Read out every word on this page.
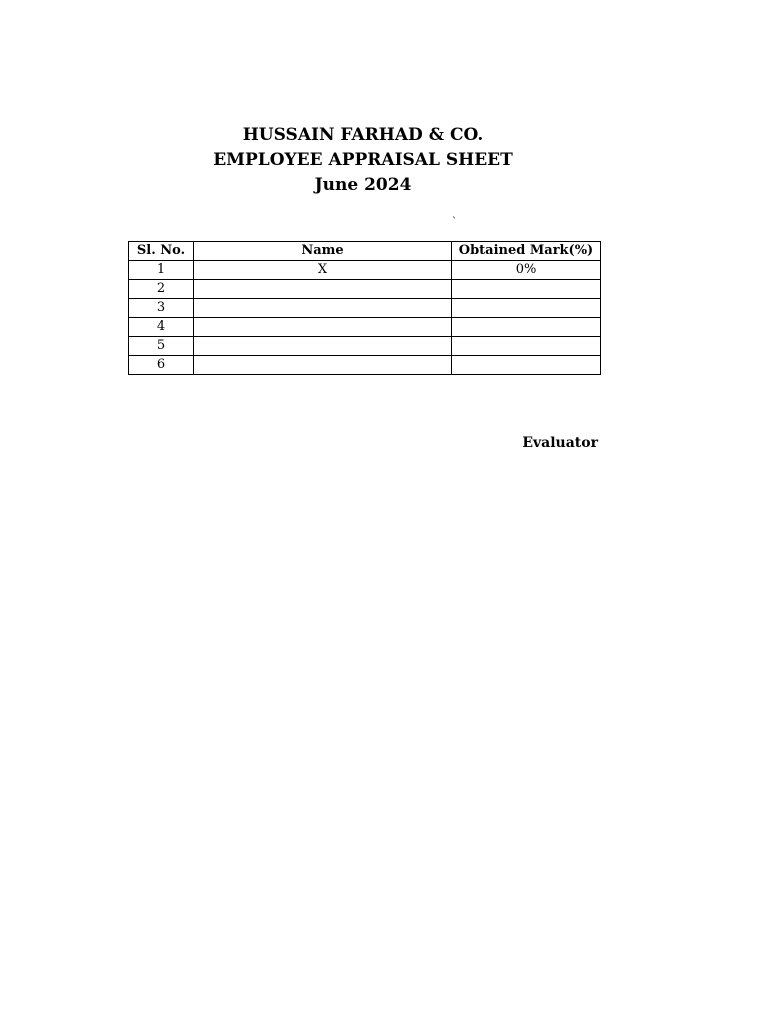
HUSSAIN FARHAD & CO.
EMPLOYEE APPRAISAL SHEET
June 2024
`
Sl. No.	Name	Obtained Mark(%)
1	X	0%
2		
3		
4		
5		
6		
Evaluator
